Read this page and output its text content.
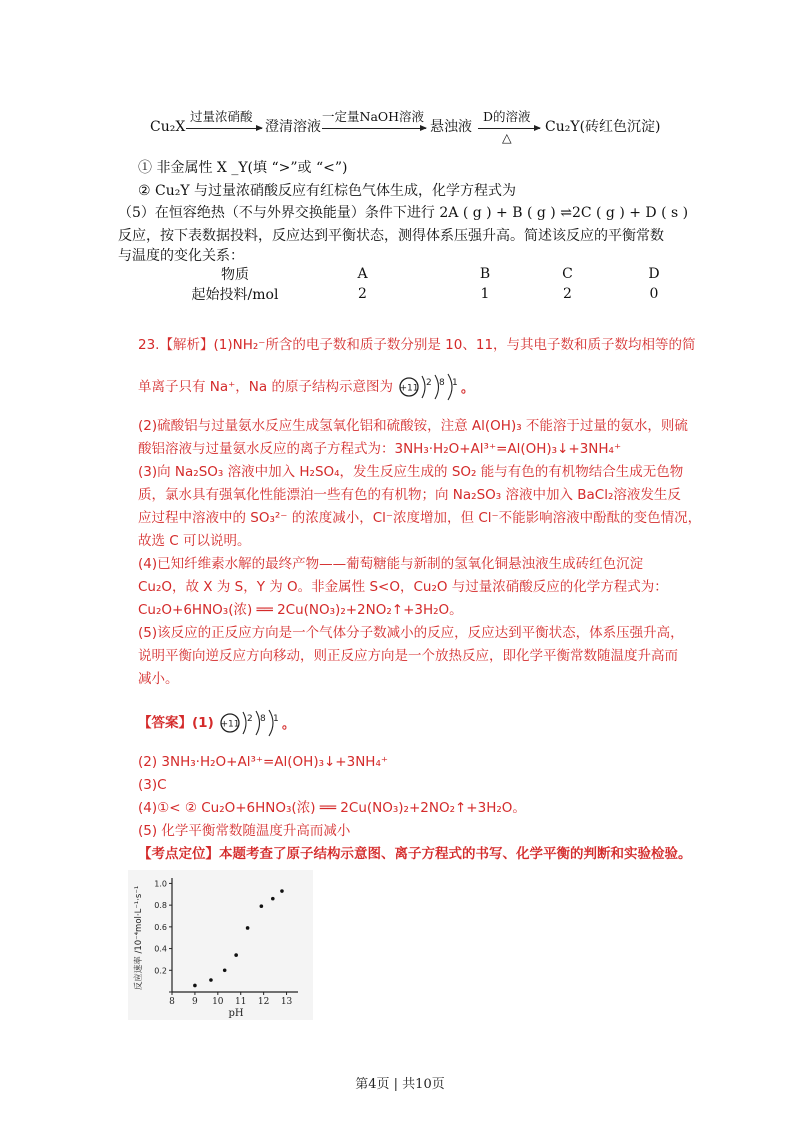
Cu₂X
过量浓硝酸
澄清溶液
一定量NaOH溶液
悬浊液
D的溶液
△
Cu₂Y(砖红色沉淀)
① 非金属性 X _Y(填 “>”或 “<”)
② Cu₂Y 与过量浓硝酸反应有红棕色气体生成，化学方程式为
（5）在恒容绝热（不与外界交换能量）条件下进行 2A ( g ) + B ( g ) ⇌2C ( g ) + D ( s )
反应，按下表数据投料，反应达到平衡状态，测得体系压强升高。简述该反应的平衡常数
与温度的变化关系：
物质	A	B	C	D
起始投料/mol	2	1	2	0
23.【解析】(1)NH₂⁻所含的电子数和质子数分别是 10、11，与其电子数和质子数均相等的简
单离子只有 Na⁺，Na 的原子结构示意图为 +11
2 8 1 。
(2)硫酸铝与过量氨水反应生成氢氧化铝和硫酸铵，注意 Al(OH)₃ 不能溶于过量的氨水，则硫
酸铝溶液与过量氨水反应的离子方程式为：3NH₃·H₂O+Al³⁺=Al(OH)₃↓+3NH₄⁺
(3)向 Na₂SO₃ 溶液中加入 H₂SO₄，发生反应生成的 SO₂ 能与有色的有机物结合生成无色物
质，氯水具有强氧化性能漂泊一些有色的有机物；向 Na₂SO₃ 溶液中加入 BaCl₂溶液发生反
应过程中溶液中的 SO₃²⁻ 的浓度减小，Cl⁻浓度增加，但 Cl⁻不能影响溶液中酚酞的变色情况，
故选 C 可以说明。
(4)已知纤维素水解的最终产物——葡萄糖能与新制的氢氧化铜悬浊液生成砖红色沉淀
Cu₂O，故 X 为 S，Y 为 O。非金属性 S<O，Cu₂O 与过量浓硝酸反应的化学方程式为：
Cu₂O+6HNO₃(浓) ══ 2Cu(NO₃)₂+2NO₂↑+3H₂O。
(5)该反应的正反应方向是一个气体分子数减小的反应，反应达到平衡状态，体系压强升高，
说明平衡向逆反应方向移动，则正反应方向是一个放热反应，即化学平衡常数随温度升高而
减小。
【答案】(1) +11
2 8 1 。
(2) 3NH₃·H₂O+Al³⁺=Al(OH)₃↓+3NH₄⁺
(3)C
(4)①< ② Cu₂O+6HNO₃(浓) ══ 2Cu(NO₃)₂+2NO₂↑+3H₂O。
(5) 化学平衡常数随温度升高而减小
【考点定位】本题考查了原子结构示意图、离子方程式的书写、化学平衡的判断和实验检验。
0.2
0.4
0.6
0.8
1.0
8 9 10 11 12 13
pH
反应速率 /10⁻⁴mol·L⁻¹·s⁻¹
第4页 | 共10页
